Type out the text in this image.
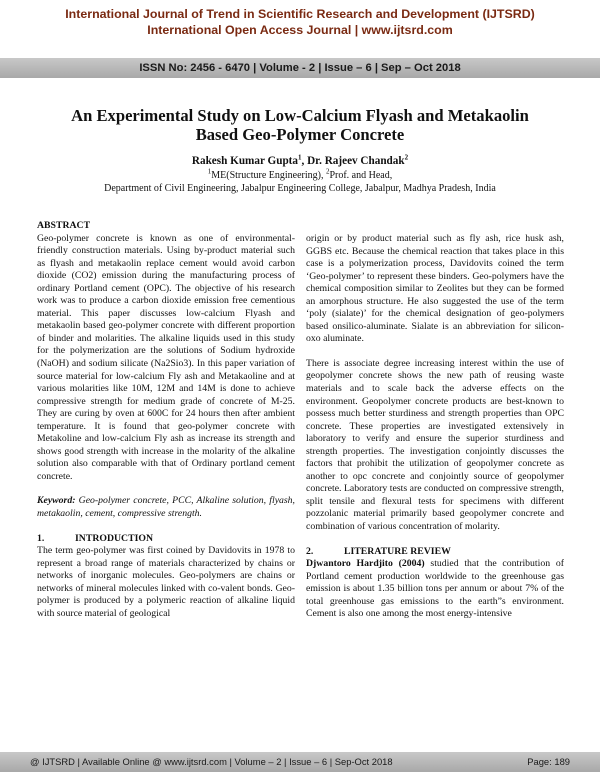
International Journal of Trend in Scientific Research and Development (IJTSRD)
International Open Access Journal | www.ijtsrd.com
ISSN No: 2456 - 6470 | Volume - 2 | Issue – 6 | Sep – Oct 2018
An Experimental Study on Low-Calcium Flyash and Metakaolin
Based Geo-Polymer Concrete
Rakesh Kumar Gupta$^1$, Dr. Rajeev Chandak$^2$
$^1$ME(Structure Engineering), $^2$Prof. and Head,
Department of Civil Engineering, Jabalpur Engineering College, Jabalpur, Madhya Pradesh, India

ABSTRACT

Geo-polymer concrete is known as one of environmental- friendly construction materials. Using by-product material such as flyash and metakaolin replace cement would avoid carbon dioxide (CO2) emission during the manufacturing process of ordinary Portland cement (OPC). The objective of his research work was to produce a carbon dioxide emission free cementious material. This paper discusses low-calcium Flyash and metakaolin based geo-polymer concrete with different proportion of binder and molarities. The alkaline liquids used in this study for the polymerization are the solutions of Sodium hydroxide (NaOH) and sodium silicate (Na2Sio3). In this paper variation of source material for low-calcium Fly ash and Metakaoline and at various molarities like 10M, 12M and 14M is done to achieve compressive strength for medium grade of concrete of M-25. They are curing by oven at 600C for 24 hours then after ambient temperature. It is found that geo-polymer concrete with Metakoline and low-calcium Fly ash as increase its strength and shows good strength with increase in the molarity of the alkaline solution also comparable with that of Ordinary portland cement concrete.

Keyword: Geo-polymer concrete, PCC, Alkaline solution, flyash, metakaolin, cement, compressive strength.

1.	INTRODUCTION

The term geo-polymer was first coined by Davidovits in 1978 to represent a broad range of materials characterized by chains or networks of inorganic molecules. Geo-polymers are chains or networks of mineral molecules linked with co-valent bonds. Geo-polymer is produced by a polymeric reaction of alkaline liquid with source material of geological

origin or by product material such as fly ash, rice husk ash, GGBS etc. Because the chemical reaction that takes place in this case is a polymerization process, Davidovits coined the term ‘Geo-polymer’ to represent these binders. Geo-polymers have the chemical composition similar to Zeolites but they can be formed an amorphous structure. He also suggested the use of the term ‘poly (sialate)’ for the chemical designation of geo-polymers based onsilico-aluminate. Sialate is an abbreviation for silicon-oxo aluminate.

There is associate degree increasing interest within the use of geopolymer concrete shows the new path of reusing waste materials and to scale back the adverse effects on the environment. Geopolymer concrete products are best-known to possess much better sturdiness and strength properties than OPC concrete. These properties are investigated extensively in laboratory to verify and ensure the superior sturdiness and strength properties. The investigation conjointly discusses the factors that prohibit the utilization of geopolymer concrete as another to opc concrete and conjointly source of geopolymer concrete. Laboratory tests are conducted on compressive strength, split tensile and flexural tests for specimens with different pozzolanic material primarily based geopolymer concrete and combination of various concentration of molarity.

2.	LITERATURE REVIEW

Djwantoro Hardjito (2004) studied that the contribution of Portland cement production worldwide to the greenhouse gas emission is about 1.35 billion tons per annum or about 7% of the total greenhouse gas emissions to the earth”s environment. Cement is also one among the most energy-intensive

@ IJTSRD | Available Online @ www.ijtsrd.com | Volume – 2 | Issue – 6 | Sep-Oct 2018	Page: 189
